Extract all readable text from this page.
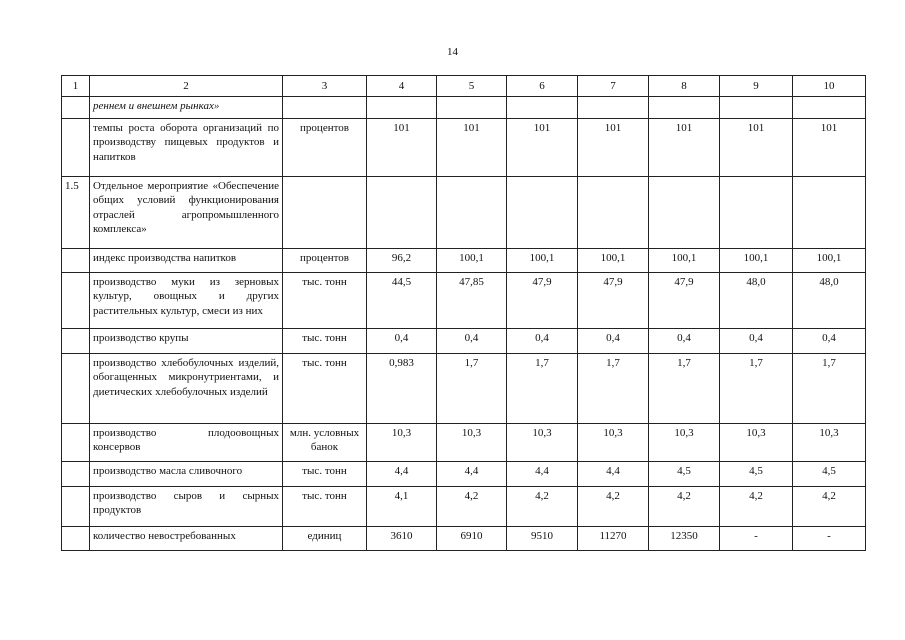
14
1	2	3	4	5	6	7	8	9	10
	реннем и внешнем рынках»								
	темпы роста оборота организаций по производству пищевых продуктов и напитков	процентов	101	101	101	101	101	101	101
1.5	Отдельное мероприятие «Обеспечение общих условий функционирования отраслей агропромышленного комплекса»								
	индекс производства напитков	процентов	96,2	100,1	100,1	100,1	100,1	100,1	100,1
	производство муки из зерновых культур, овощных и других растительных культур, смеси из них	тыс. тонн	44,5	47,85	47,9	47,9	47,9	48,0	48,0
	производство крупы	тыс. тонн	0,4	0,4	0,4	0,4	0,4	0,4	0,4
	производство хлебобулочных изделий, обогащенных микронутриентами, и диетических хлебобулочных изделий	тыс. тонн	0,983	1,7	1,7	1,7	1,7	1,7	1,7
	производство плодоовощных консервов	млн. условных банок	10,3	10,3	10,3	10,3	10,3	10,3	10,3
	производство масла сливочного	тыс. тонн	4,4	4,4	4,4	4,4	4,5	4,5	4,5
	производство сыров и сырных продуктов	тыс. тонн	4,1	4,2	4,2	4,2	4,2	4,2	4,2
	количество невостребованных	единиц	3610	6910	9510	11270	12350	-	-
